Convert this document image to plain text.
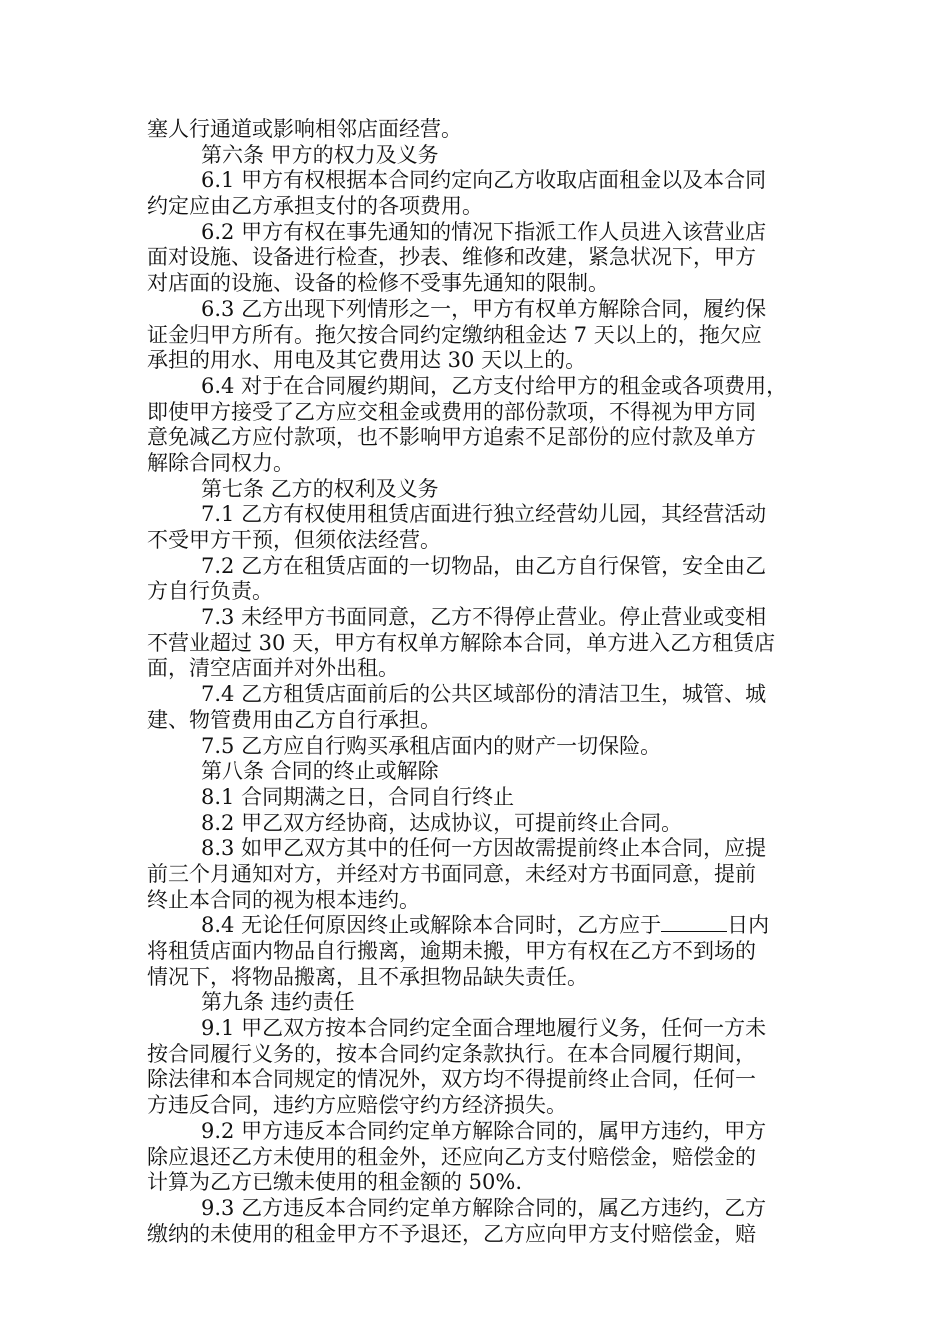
塞人行通道或影响相邻店面经营。
第六条 甲方的权力及义务
6.1 甲方有权根据本合同约定向乙方收取店面租金以及本合同
约定应由乙方承担支付的各项费用。
6.2 甲方有权在事先通知的情况下指派工作人员进入该营业店
面对设施、设备进行检查，抄表、维修和改建，紧急状况下，甲方
对店面的设施、设备的检修不受事先通知的限制。
6.3 乙方出现下列情形之一，甲方有权单方解除合同，履约保
证金归甲方所有。拖欠按合同约定缴纳租金达 7 天以上的，拖欠应
承担的用水、用电及其它费用达 30 天以上的。
6.4 对于在合同履约期间，乙方支付给甲方的租金或各项费用，
即使甲方接受了乙方应交租金或费用的部份款项，不得视为甲方同
意免减乙方应付款项，也不影响甲方追索不足部份的应付款及单方
解除合同权力。
第七条 乙方的权利及义务
7.1 乙方有权使用租赁店面进行独立经营幼儿园，其经营活动
不受甲方干预，但须依法经营。
7.2 乙方在租赁店面的一切物品，由乙方自行保管，安全由乙
方自行负责。
7.3 未经甲方书面同意，乙方不得停止营业。停止营业或变相
不营业超过 30 天，甲方有权单方解除本合同，单方进入乙方租赁店
面，清空店面并对外出租。
7.4 乙方租赁店面前后的公共区域部份的清洁卫生，城管、城
建、物管费用由乙方自行承担。
7.5 乙方应自行购买承租店面内的财产一切保险。
第八条 合同的终止或解除
8.1 合同期满之日，合同自行终止
8.2 甲乙双方经协商，达成协议，可提前终止合同。
8.3 如甲乙双方其中的任何一方因故需提前终止本合同，应提
前三个月通知对方，并经对方书面同意，未经对方书面同意，提前
终止本合同的视为根本违约。
8.4 无论任何原因终止或解除本合同时，乙方应于	日内
将租赁店面内物品自行搬离，逾期未搬，甲方有权在乙方不到场的
情况下，将物品搬离，且不承担物品缺失责任。
第九条 违约责任
9.1 甲乙双方按本合同约定全面合理地履行义务，任何一方未
按合同履行义务的，按本合同约定条款执行。在本合同履行期间，
除法律和本合同规定的情况外，双方均不得提前终止合同，任何一
方违反合同，违约方应赔偿守约方经济损失。
9.2 甲方违反本合同约定单方解除合同的，属甲方违约，甲方
除应退还乙方未使用的租金外，还应向乙方支付赔偿金，赔偿金的
计算为乙方已缴未使用的租金额的 50%.
9.3 乙方违反本合同约定单方解除合同的，属乙方违约，乙方
缴纳的未使用的租金甲方不予退还，乙方应向甲方支付赔偿金，赔
